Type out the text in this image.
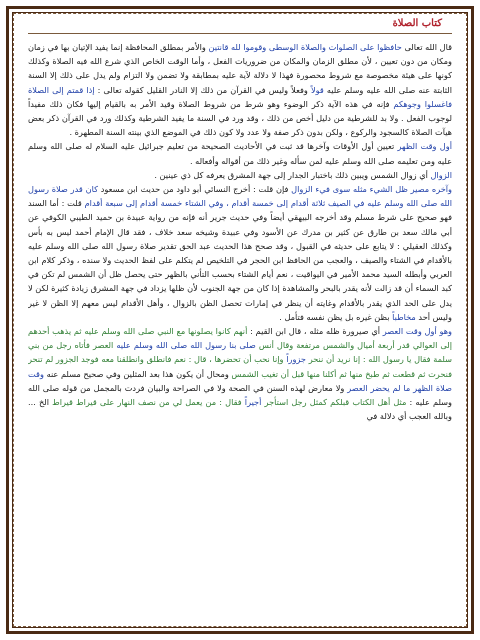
كتاب الصلاة

قال الله تعالى حافظوا على الصلوات والصلاة الوسطى وقوموا لله قانتين والأمر بمطلق المحافظة إنما يفيد الإتيان بها في زمان ومكان من دون تعيين ، لأن مطلق الزمان والمكان من ضروريات الفعل ، وأما الوقت الخاص الذي شرع الله فيه الصلاة وكذلك كونها على هيئة مخصوصة مع شروط محصورة فهذا لا دلالة لآية عليه بمطابقة ولا تضمن ولا التزام ولم يدل على ذلك إلا السنة الثابتة عنه صلى الله عليه وسلم عليه قولاً وفعلاً وليس في القرآن من ذلك إلا النادر القليل كقوله تعالى : إذا قمتم إلى الصلاة فاغسلوا وجوهكم فإنه في هذه الآية ذكر الوضوء وهو شرط من شروط الصلاة وقيد الأمر به بالقيام إليها فكان ذلك مفيداً لوجوب الفعل . ولا بد للشرطية من دليل أخص من ذلك ، وقد ورد في السنة ما يفيد الشرطية وكذلك ورد في القرآن ذكر بعض هيآت الصلاة كالسجود والركوع ، ولكن بدون ذكر صفة ولا عدد ولا كون ذلك في الموضع الذي بينته السنة المطهرة .

أول وقت الظهر تعيين أول الأوقات وآخرها قد ثبت في الأحاديث الصحيحة من تعليم جبرائيل عليه السلام له صلى الله وسلم عليه ومن تعليمه صلى الله وسلم عليه لمن سأله وغير ذلك من أقواله وأفعاله .

الزوال أي زوال الشمس ويبين ذلك باختبار الجدار إلى جهة المشرق يعرفه كل ذي عينين .

وآخره مصير ظل الشيء مثله سوى فيء الزوال فإن قلت : أخرج النسائي أبو داود من حديث ابن مسعود كان قدر صلاة رسول الله صلى الله وسلم عليه في الصيف ثلاثة أقدام إلى خمسة أقدام ، وفي الشتاء خمسة أقدام إلى سبعة أقدام قلت : أما السند فهو صحيح على شرط مسلم وقد أخرجه البيهقي أيضاً وفي حديث جرير أنه فإنه من رواية عبيدة بن حميد الطيبي الكوفي عن أبي مالك سعد بن طارق عن كثير بن مدرك عن الأسود وفي عبيدة وشيخه سعد خلاف ، فقد قال الإمام أحمد ليس به بأس وكذلك العقيلي : لا يتابع على حديثه في القبول ، وقد صحح هذا الحديث عبد الحق تقدير صلاة رسول الله صلى الله وسلم عليه بالأقدام في الشتاء والصيف ، والعجب من الحافظ ابن الحجر في التلخيص لم يتكلم على لفظ الحديث ولا سنده ، وذكر كلام ابن العربي وأبطله السيد محمد الأمير في اليواقيت ، نعم أيام الشتاء بحسب التأني بالظهر حتى يحصل ظل أن الشمس لم تكن في كبد السماء أن قد زالت لأنه يقدر بالبحر والمشاهدة إذا كان من جهة الجنوب لأن ظلها يزداد في جهة المشرق زيادة كثيرة لكن لا يدل على الحد الذي يقدر بالأقدام وغايته أن ينظر في إمارات تحصل الظن بالزوال ، وأهل الأقدام ليس معهم إلا الظن لا غير وليس أحد مخاطباً بظن غيره بل يظن نفسه فتأمل .

وهو أول وقت العصر أي صيرورة ظله مثله ، قال ابن القيم : أنهم كانوا يصلونها مع النبي صلى الله وسلم عليه ثم يذهب أحدهم إلى العوالي قدر أربعة أميال والشمس مرتفعة وقال أنس صلى بنا رسول الله صلى الله وسلم عليه العصر فأتاه رجل من بني سلمة فقال يا رسول الله : إنا نريد أن ننحر جزوراً وإنا نحب أن تحضرها ، قال : نعم فانطلق وانطلقنا معه فوجد الجزور لم تنحر فنحرت ثم قطعت ثم طبخ منها ثم أكلنا منها قبل أن تغيب الشمس ومحال أن يكون هذا بعد المثلين وفي صحيح مسلم عنه وقت صلاة الظهر ما لم يحضر العصر ولا معارض لهذه السنن في الصحة ولا في الصراحة والبيان فردت بالمجمل من قوله صلى الله وسلم عليه : مثل أهل الكتاب قبلكم كمثل رجل استأجر أجيراً فقال : من يعمل لي من نصف النهار على قيراط قيراط الخ ... وبالله العجب أي دلالة في
